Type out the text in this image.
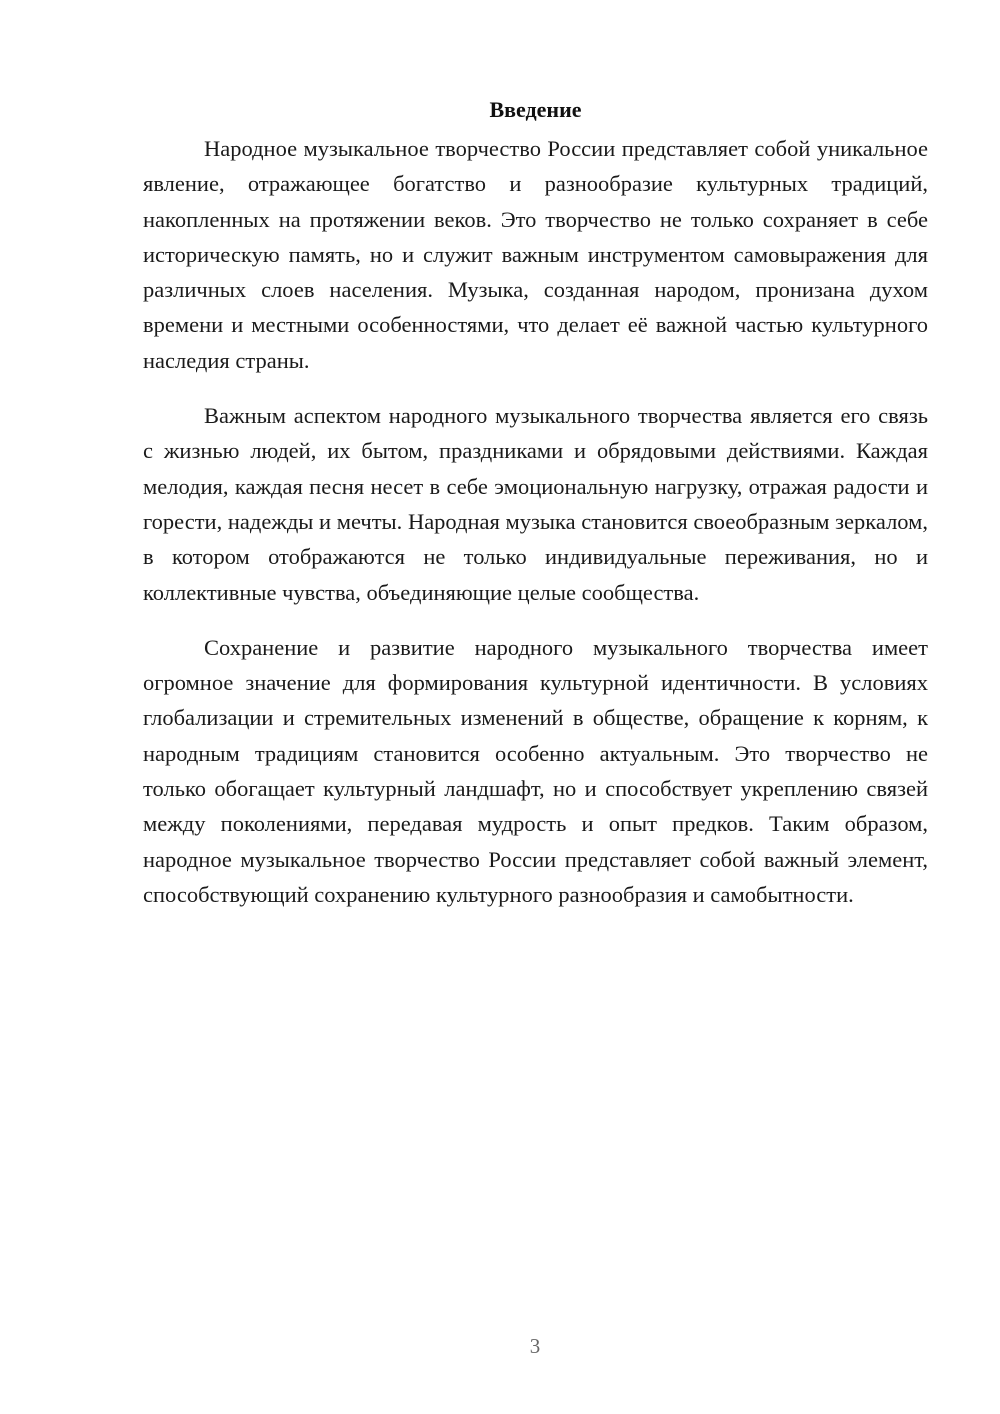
Введение

Народное музыкальное творчество России представляет собой уникальное явление, отражающее богатство и разнообразие культурных традиций, накопленных на протяжении веков. Это творчество не только сохраняет в себе историческую память, но и служит важным инструментом самовыражения для различных слоев населения. Музыка, созданная народом, пронизана духом времени и местными особенностями, что делает её важной частью культурного наследия страны.

Важным аспектом народного музыкального творчества является его связь с жизнью людей, их бытом, праздниками и обрядовыми действиями. Каждая мелодия, каждая песня несет в себе эмоциональную нагрузку, отражая радости и горести, надежды и мечты. Народная музыка становится своеобразным зеркалом, в котором отображаются не только индивидуальные переживания, но и коллективные чувства, объединяющие целые сообщества.

Сохранение и развитие народного музыкального творчества имеет огромное значение для формирования культурной идентичности. В условиях глобализации и стремительных изменений в обществе, обращение к корням, к народным традициям становится особенно актуальным. Это творчество не только обогащает культурный ландшафт, но и способствует укреплению связей между поколениями, передавая мудрость и опыт предков. Таким образом, народное музыкальное творчество России представляет собой важный элемент, способствующий сохранению культурного разнообразия и самобытности.

3
